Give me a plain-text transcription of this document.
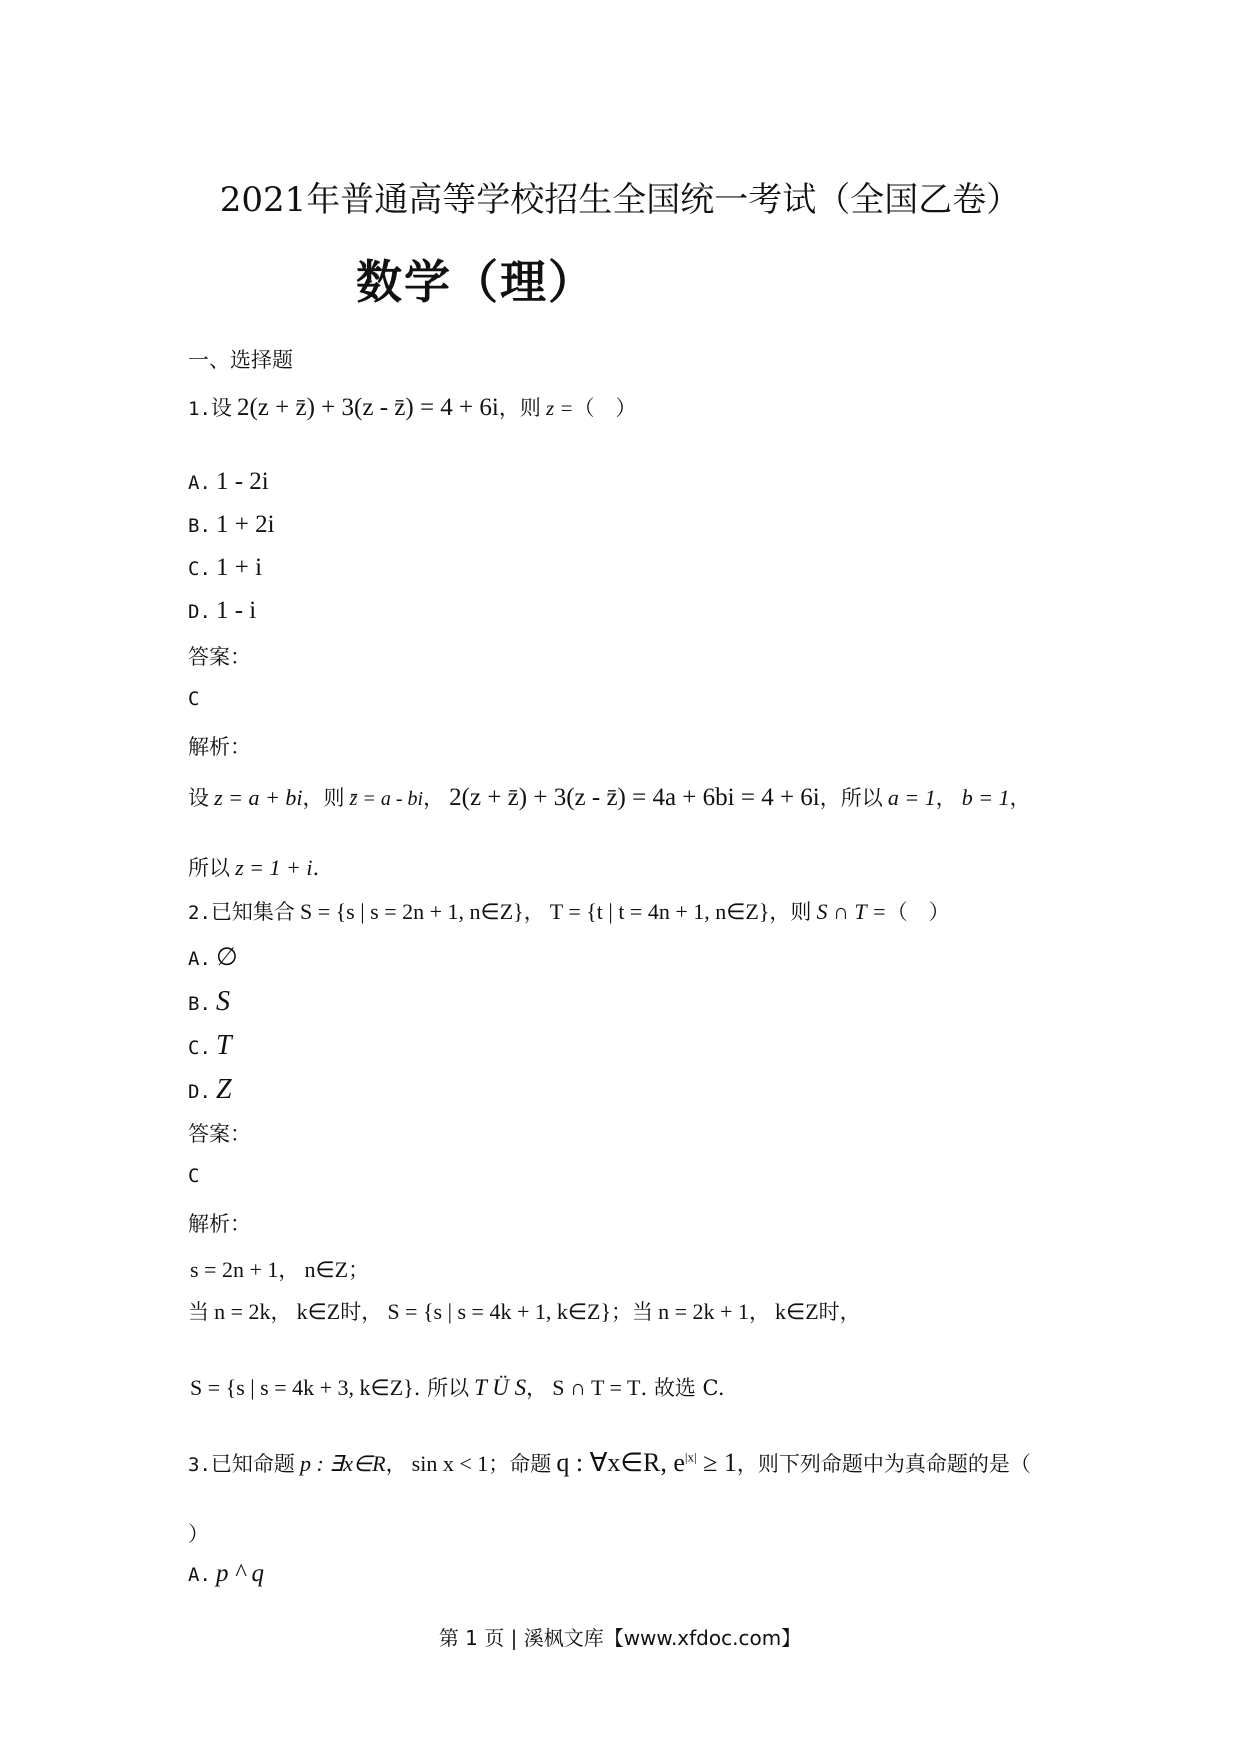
2021年普通高等学校招生全国统一考试（全国乙卷）
数学（理）
一、选择题
1.设 2(z + z̄) + 3(z - z̄) = 4 + 6i，则 z =（　）
A. 1 - 2i
B. 1 + 2i
C. 1 + i
D. 1 - i
答案：
C
解析：
设 z = a + bi，则 z̄ = a - bi， 2(z + z̄) + 3(z - z̄) = 4a + 6bi = 4 + 6i，所以 a = 1， b = 1，
所以 z = 1 + i.
2.已知集合 S = {s | s = 2n + 1, n∈Z}， T = {t | t = 4n + 1, n∈Z}，则 S ∩ T =（　）
A. ∅
B. S
C. T
D. Z
答案：
C
解析：
s = 2n + 1， n∈Z；
当 n = 2k， k∈Z时， S = {s | s = 4k + 1, k∈Z}；当 n = 2k + 1， k∈Z时，
S = {s | s = 4k + 3, k∈Z}. 所以 T Ü S， S ∩ T = T. 故选 C.
3.已知命题 p : ∃x∈R， sin x < 1；命题 q : ∀x∈R, $e^{|x|} \ge 1$，则下列命题中为真命题的是（
）
A. p ^ q
第 1 页 | 溪枫文库【www.xfdoc.com】
